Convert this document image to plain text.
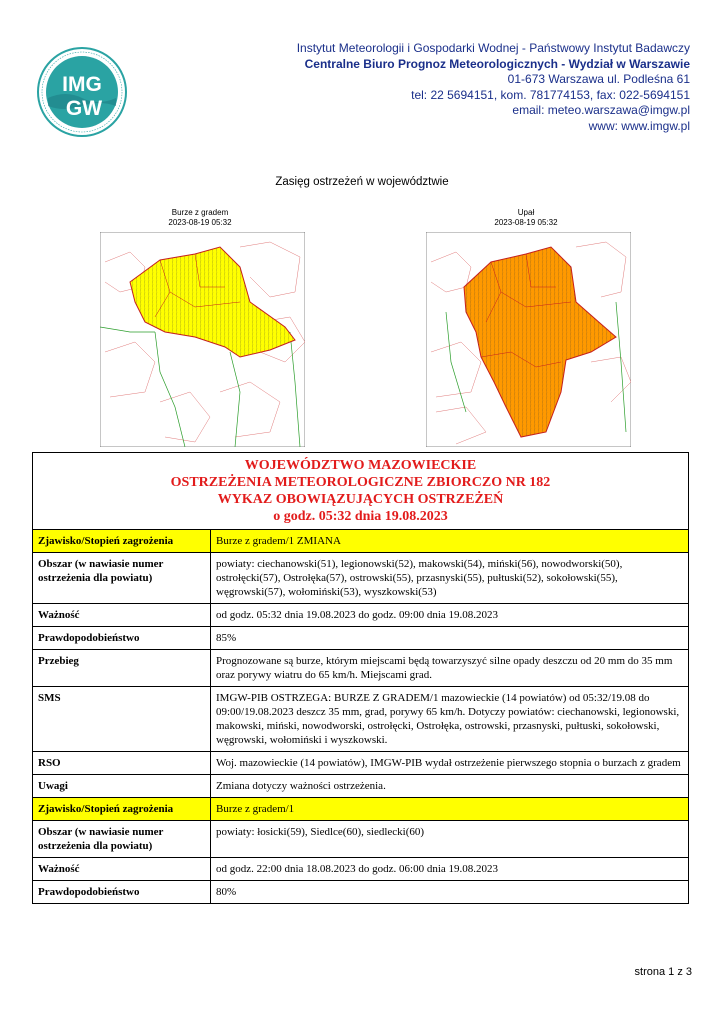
IMG
GW
Instytut Meteorologii i Gospodarki Wodnej - Państwowy Instytut Badawczy
Centralne Biuro Prognoz Meteorologicznych - Wydział w Warszawie
01-673 Warszawa ul. Podleśna 61
tel: 22 5694151, kom. 781774153, fax: 022-5694151
email: meteo.warszawa@imgw.pl
www: www.imgw.pl
Zasięg ostrzeżeń w województwie
Burze z gradem
2023-08-19 05:32
Upał
2023-08-19 05:32
WOJEWÓDZTWO MAZOWIECKIE
OSTRZEŻENIA METEOROLOGICZNE ZBIORCZO NR 182
WYKAZ OBOWIĄZUJĄCYCH OSTRZEŻEŃ
o godz. 05:32 dnia 19.08.2023	

Zjawisko/Stopień zagrożenia	Burze z gradem/1 ZMIANA
Obszar (w nawiasie numer ostrzeżenia dla powiatu)	powiaty: ciechanowski(51), legionowski(52), makowski(54), miński(56), nowodworski(50), ostrołęcki(57), Ostrołęka(57), ostrowski(55), przasnyski(55), pułtuski(52), sokołowski(55), węgrowski(57), wołomiński(53), wyszkowski(53)
Ważność	od godz. 05:32 dnia 19.08.2023 do godz. 09:00 dnia 19.08.2023
Prawdopodobieństwo	85%
Przebieg	Prognozowane są burze, którym miejscami będą towarzyszyć silne opady deszczu od 20 mm do 35 mm oraz porywy wiatru do 65 km/h. Miejscami grad.
SMS	IMGW-PIB OSTRZEGA: BURZE Z GRADEM/1 mazowieckie (14 powiatów) od 05:32/19.08 do 09:00/19.08.2023 deszcz 35 mm, grad, porywy 65 km/h. Dotyczy powiatów: ciechanowski, legionowski, makowski, miński, nowodworski, ostrołęcki, Ostrołęka, ostrowski, przasnyski, pułtuski, sokołowski, węgrowski, wołomiński i wyszkowski.
RSO	Woj. mazowieckie (14 powiatów), IMGW-PIB wydał ostrzeżenie pierwszego stopnia o burzach z gradem
Uwagi	Zmiana dotyczy ważności ostrzeżenia.
Zjawisko/Stopień zagrożenia	Burze z gradem/1
Obszar (w nawiasie numer ostrzeżenia dla powiatu)	powiaty: łosicki(59), Siedlce(60), siedlecki(60)
Ważność	od godz. 22:00 dnia 18.08.2023 do godz. 06:00 dnia 19.08.2023
Prawdopodobieństwo	80%
strona 1 z 3
